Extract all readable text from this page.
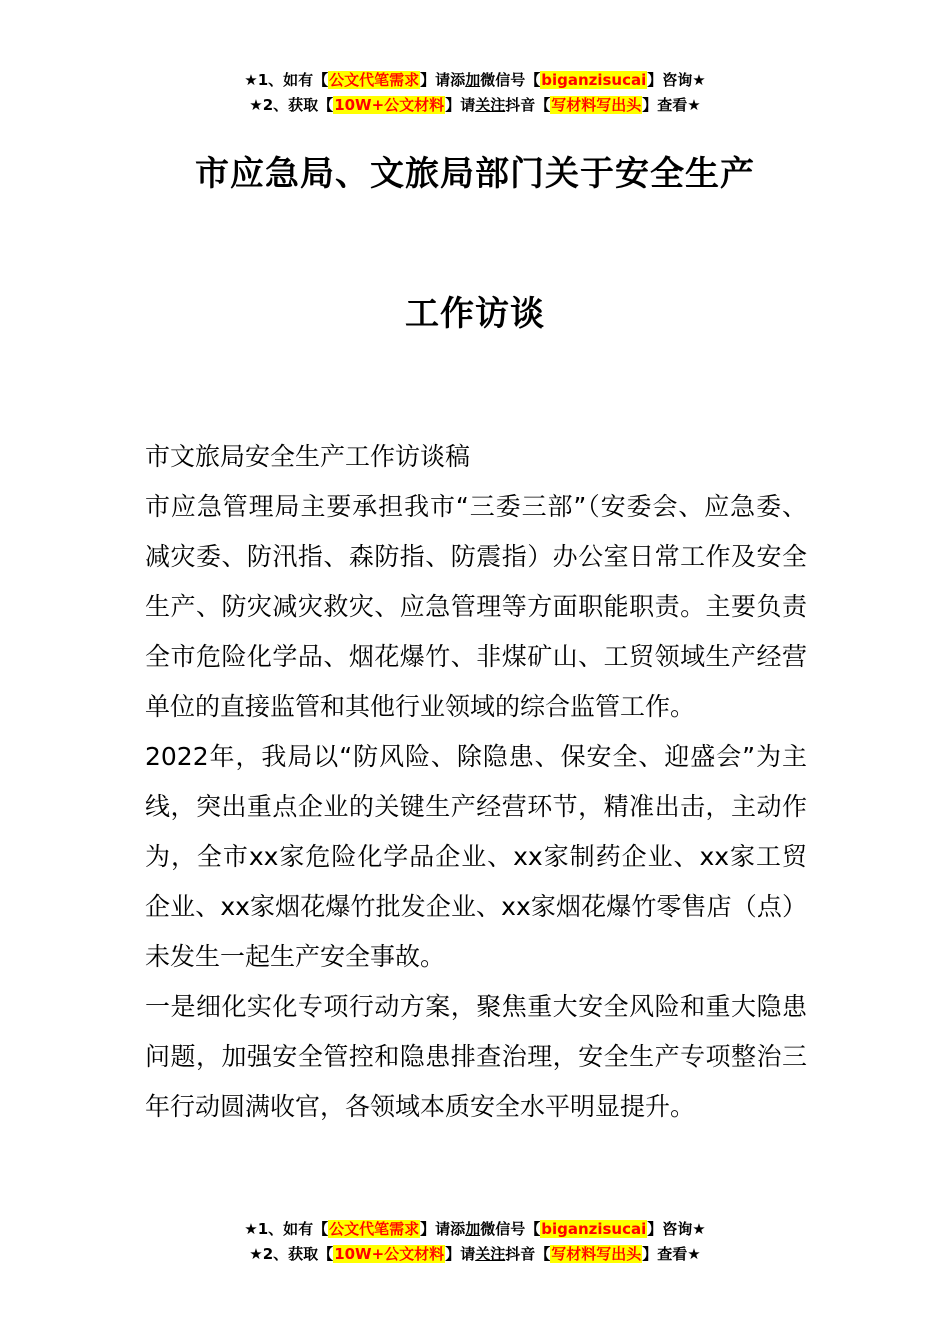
★1、如有【公文代笔需求】请添加微信号【biganzisucai】咨询★
★2、获取【10W+公文材料】请关注抖音【写材料写出头】查看★
市应急局、文旅局部门关于安全生产
工作访谈

市文旅局安全生产工作访谈稿

市应急管理局主要承担我市“三委三部”（安委会、应急委、减灾委、防汛指、森防指、防震指）办公室日常工作及安全生产、防灾减灾救灾、应急管理等方面职能职责。主要负责全市危险化学品、烟花爆竹、非煤矿山、工贸领域生产经营单位的直接监管和其他行业领域的综合监管工作。

2022年，我局以“防风险、除隐患、保安全、迎盛会”为主线，突出重点企业的关键生产经营环节，精准出击，主动作为，全市xx家危险化学品企业、xx家制药企业、xx家工贸企业、xx家烟花爆竹批发企业、xx家烟花爆竹零售店（点）未发生一起生产安全事故。

一是细化实化专项行动方案，聚焦重大安全风险和重大隐患问题，加强安全管控和隐患排查治理，安全生产专项整治三年行动圆满收官，各领域本质安全水平明显提升。

★1、如有【公文代笔需求】请添加微信号【biganzisucai】咨询★
★2、获取【10W+公文材料】请关注抖音【写材料写出头】查看★
